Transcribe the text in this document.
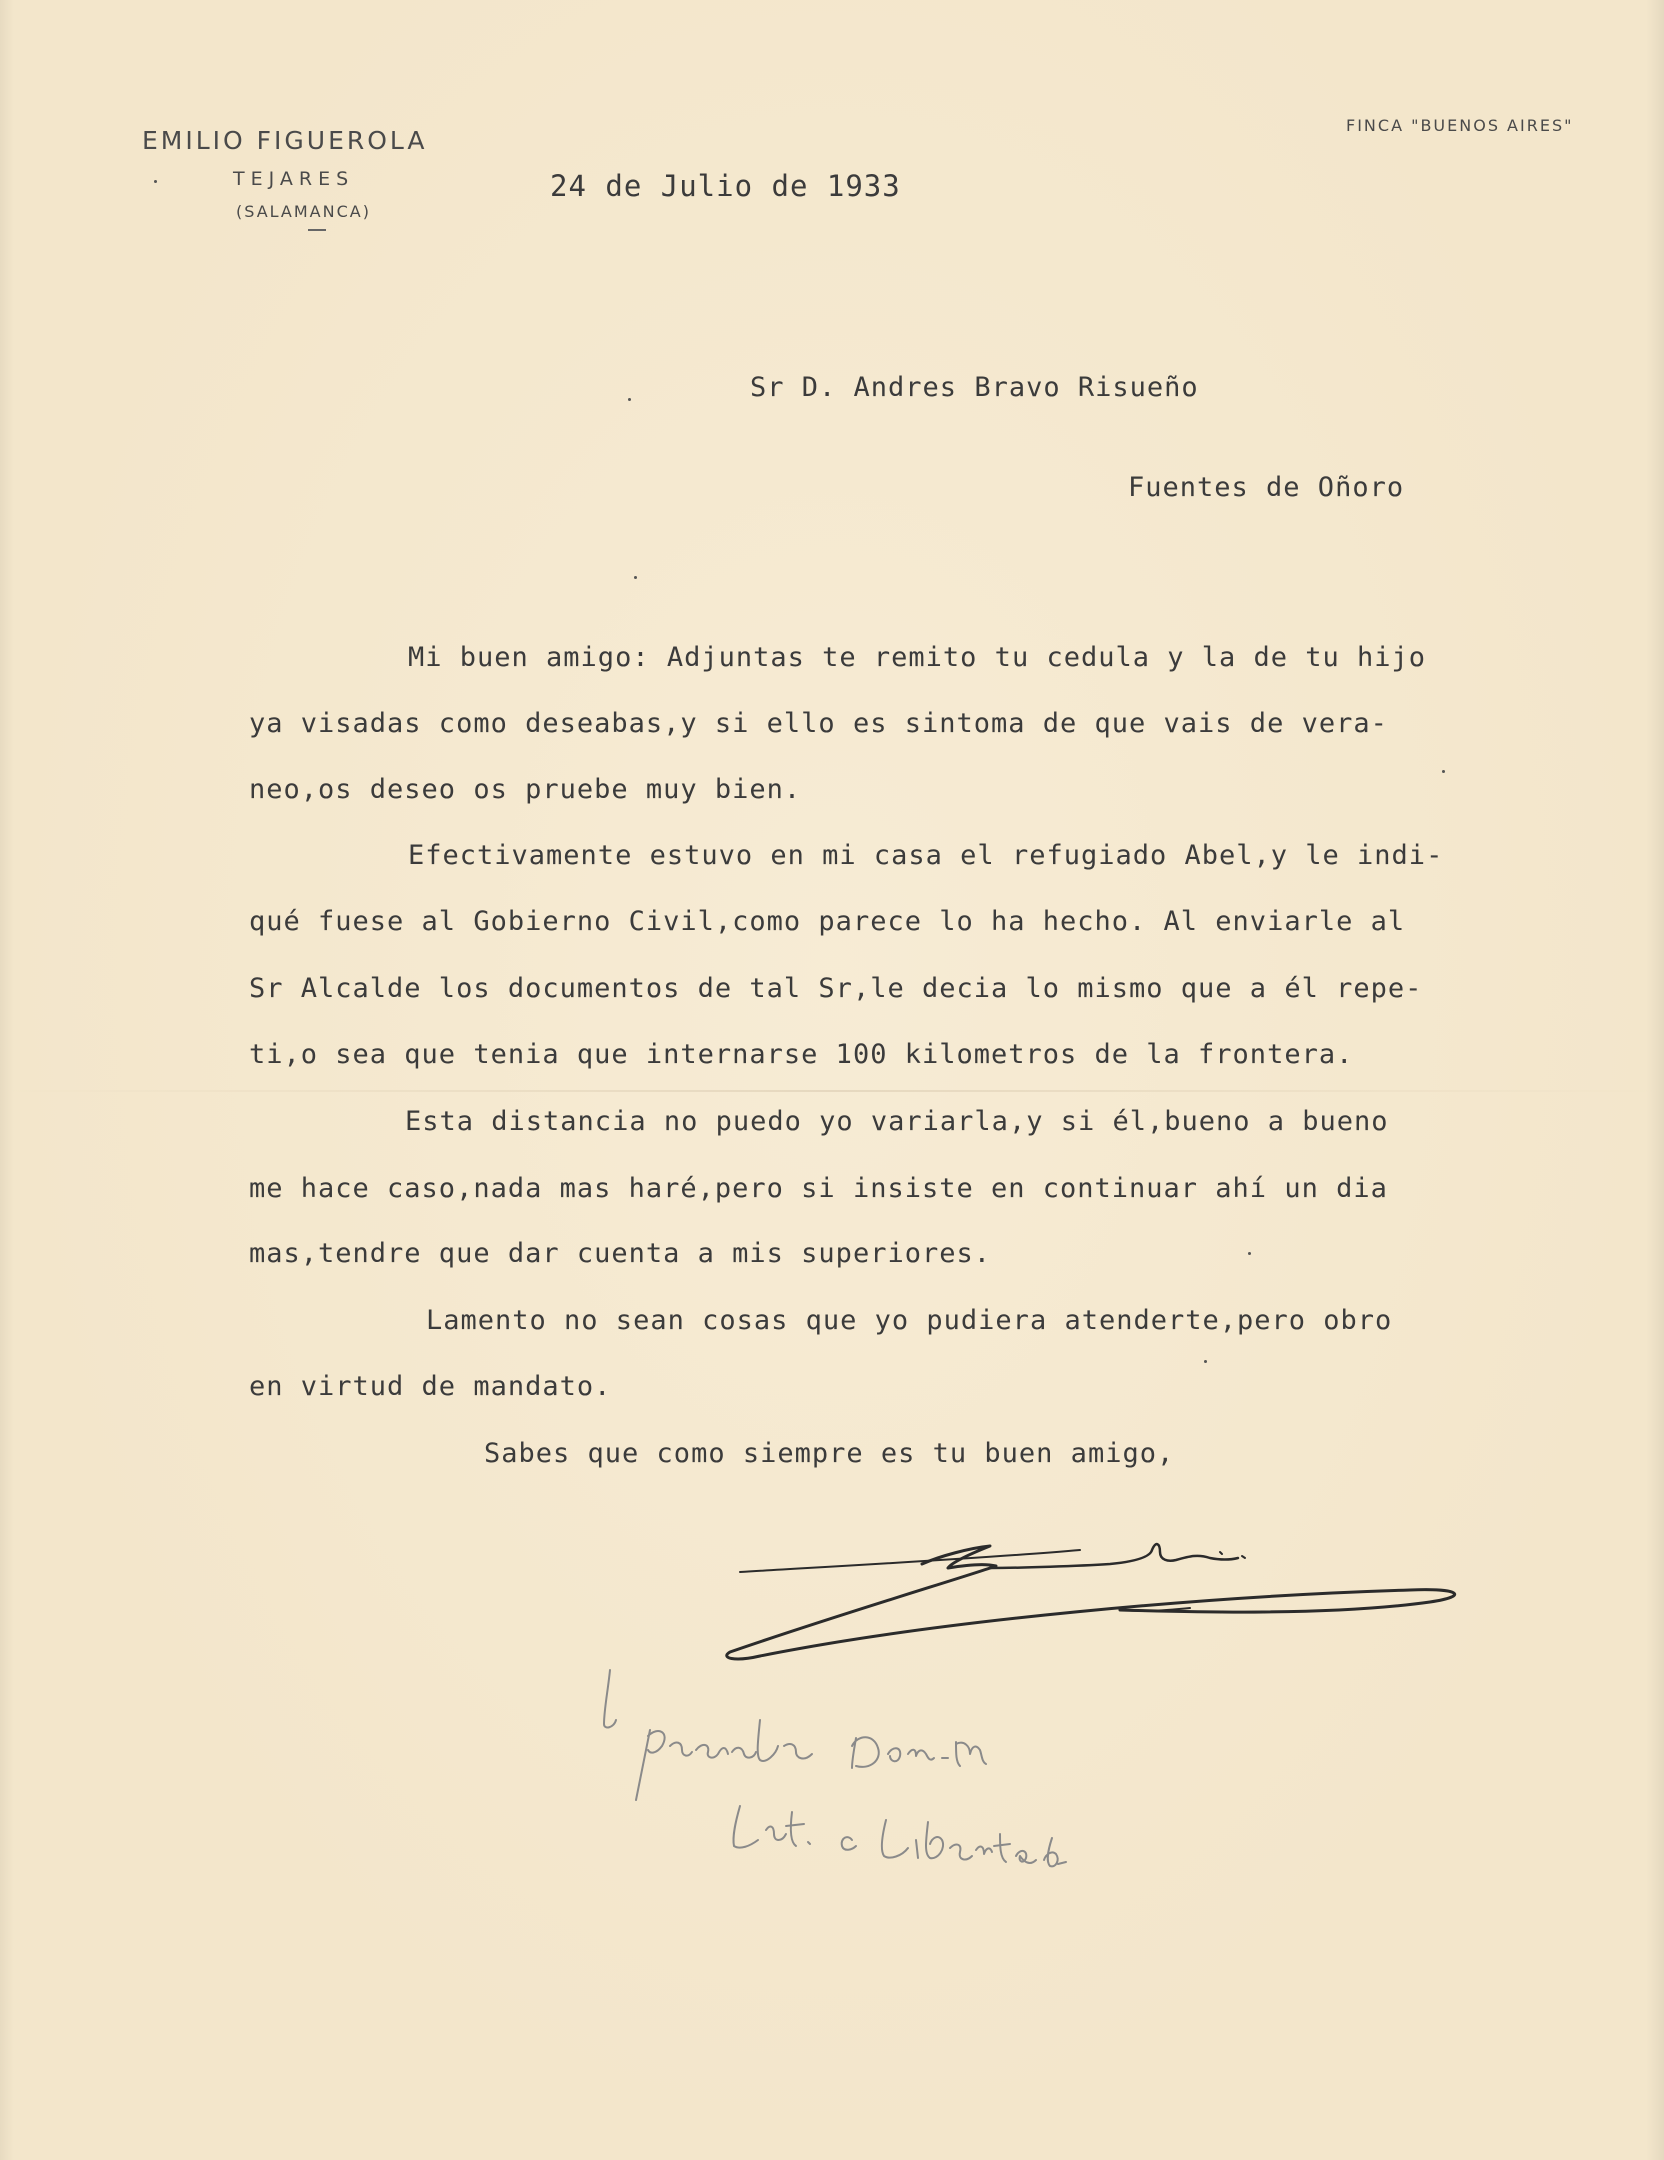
EMILIO FIGUEROLA
TEJARES
(SALAMANCA)
FINCA "BUENOS AIRES"
24 de Julio de 1933
Sr D. Andres Bravo Risueño
Fuentes de Oñoro
Mi buen amigo: Adjuntas te remito tu cedula y la de tu hijo
ya visadas como deseabas,y si ello es sintoma de que vais de vera-
neo,os deseo os pruebe muy bien.
Efectivamente estuvo en mi casa el refugiado Abel,y le indi-
qué fuese al Gobierno Civil,como parece lo ha hecho. Al enviarle al
Sr Alcalde los documentos de tal Sr,le decia lo mismo que a él repe-
ti,o sea que tenia que internarse 100 kilometros de la frontera.
Esta distancia no puedo yo variarla,y si él,bueno a bueno
me hace caso,nada mas haré,pero si insiste en continuar ahí un dia
mas,tendre que dar cuenta a mis superiores.
Lamento no sean cosas que yo pudiera atenderte,pero obro
en virtud de mandato.
Sabes que como siempre es tu buen amigo,
